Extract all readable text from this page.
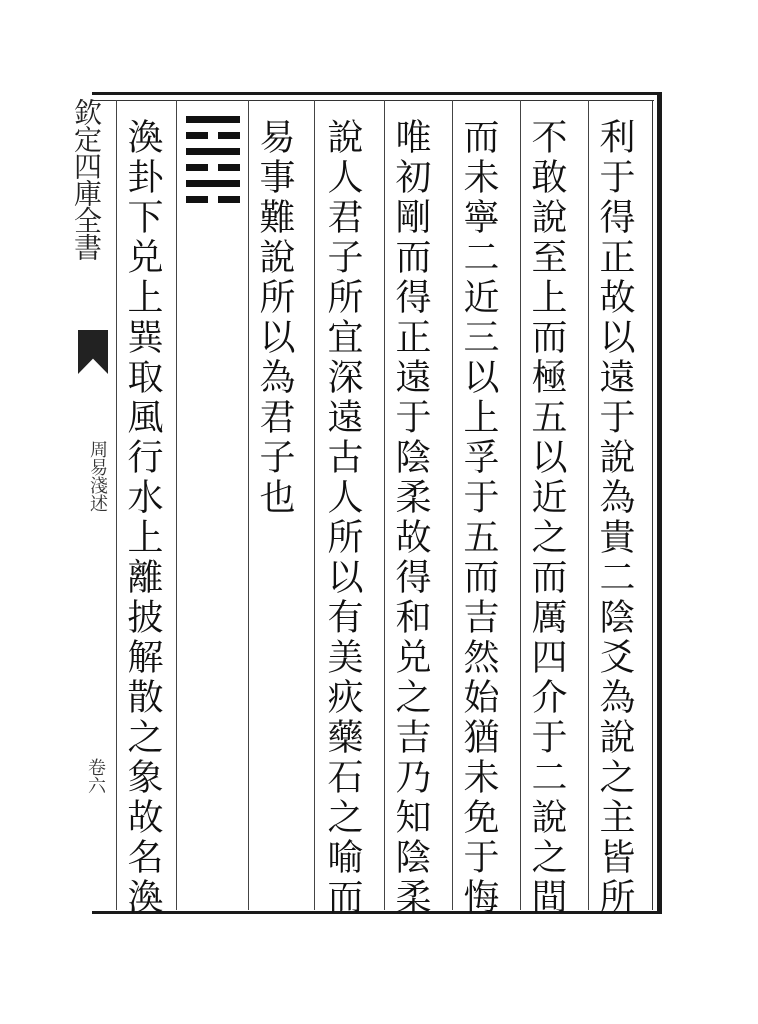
欽定四庫全書
周易淺述
卷六	利于得正故以遠于說為貴二陰爻為說之主皆所
不敢說至上而極五以近之而厲四介于二說之間
而未寧二近三以上孚于五而吉然始猶未免于悔
唯初剛而得正遠于陰柔故得和兑之吉乃知陰柔
說人君子所宜深遠古人所以有美疢藥石之喻而
易事難說所以為君子也
渙卦下兑上巽取風行水上離披解散之象故名渙
